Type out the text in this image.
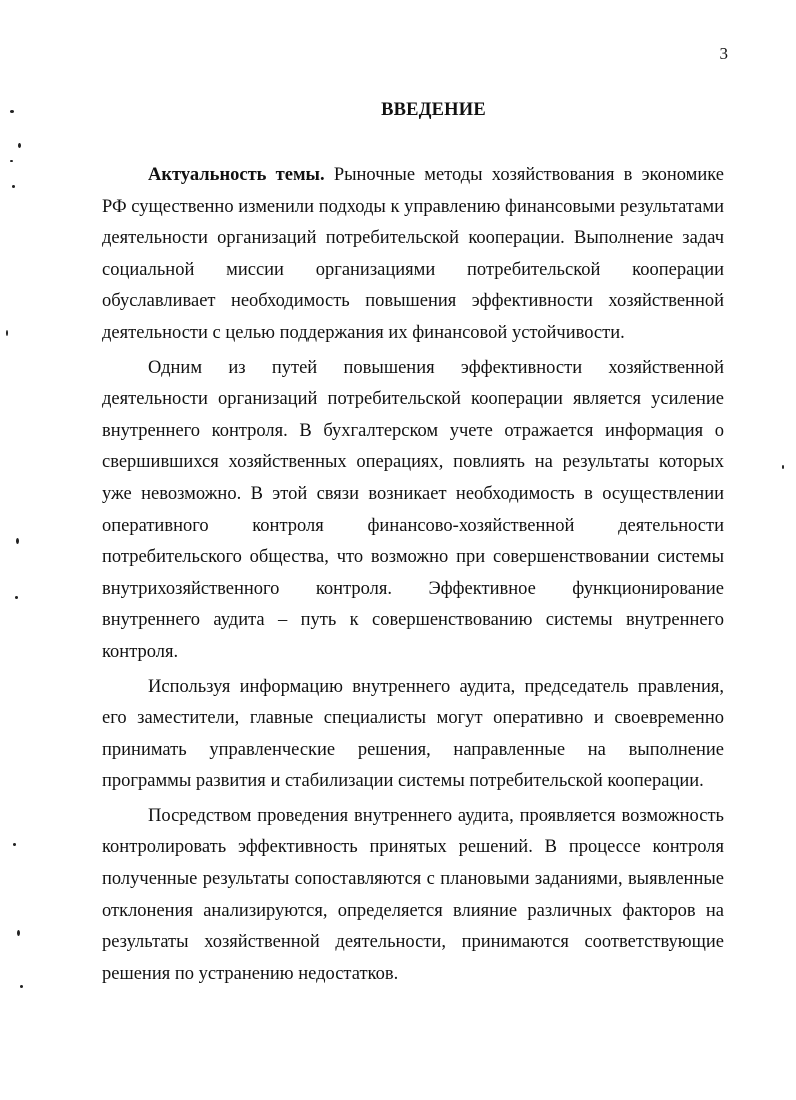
3
ВВЕДЕНИЕ

Актуальность темы. Рыночные методы хозяйствования в экономике РФ существенно изменили подходы к управлению финансовыми результатами деятельности организаций потребительской кооперации. Выполнение задач социальной миссии организациями потребительской кооперации обуславливает необходимость повышения эффективности хозяйственной деятельности с целью поддержания их финансовой устойчивости.

Одним из путей повышения эффективности хозяйственной деятельности организаций потребительской кооперации является усиление внутреннего контроля. В бухгалтерском учете отражается информация о свершившихся хозяйственных операциях, повлиять на результаты которых уже невозможно. В этой связи возникает необходимость в осуществлении оперативного контроля финансово-хозяйственной деятельности потребительского общества, что возможно при совершенствовании системы внутрихозяйственного контроля. Эффективное функционирование внутреннего аудита – путь к совершенствованию системы внутреннего контроля.

Используя информацию внутреннего аудита, председатель правления, его заместители, главные специалисты могут оперативно и своевременно принимать управленческие решения, направленные на выполнение программы развития и стабилизации системы потребительской кооперации.

Посредством проведения внутреннего аудита, проявляется возможность контролировать эффективность принятых решений. В процессе контроля полученные результаты сопоставляются с плановыми заданиями, выявленные отклонения анализируются, определяется влияние различных факторов на результаты хозяйственной деятельности, принимаются соответствующие решения по устранению недостатков.
